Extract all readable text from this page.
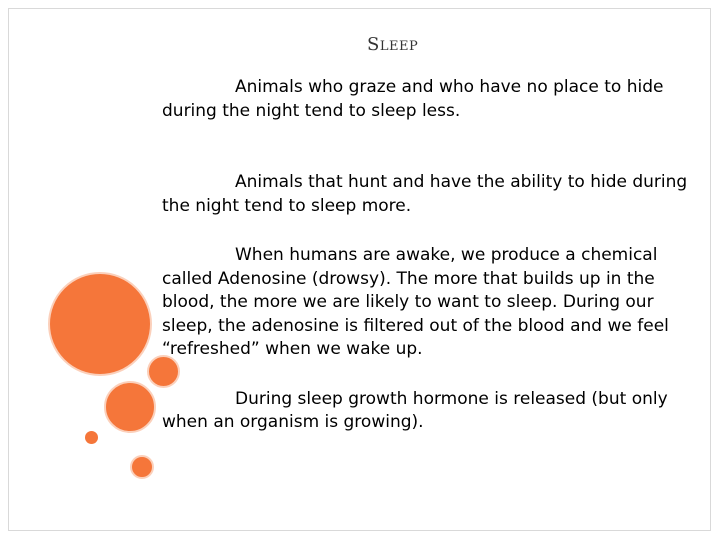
Sleep

Animals who graze and who have no place to hide during the night tend to sleep less.

Animals that hunt and have the ability to hide during the night tend to sleep more.

When humans are awake, we produce a chemical called Adenosine (drowsy). The more that builds up in the blood, the more we are likely to want to sleep. During our sleep, the adenosine is filtered out of the blood and we feel “refreshed” when we wake up.

During sleep growth hormone is released (but only when an organism is growing).
